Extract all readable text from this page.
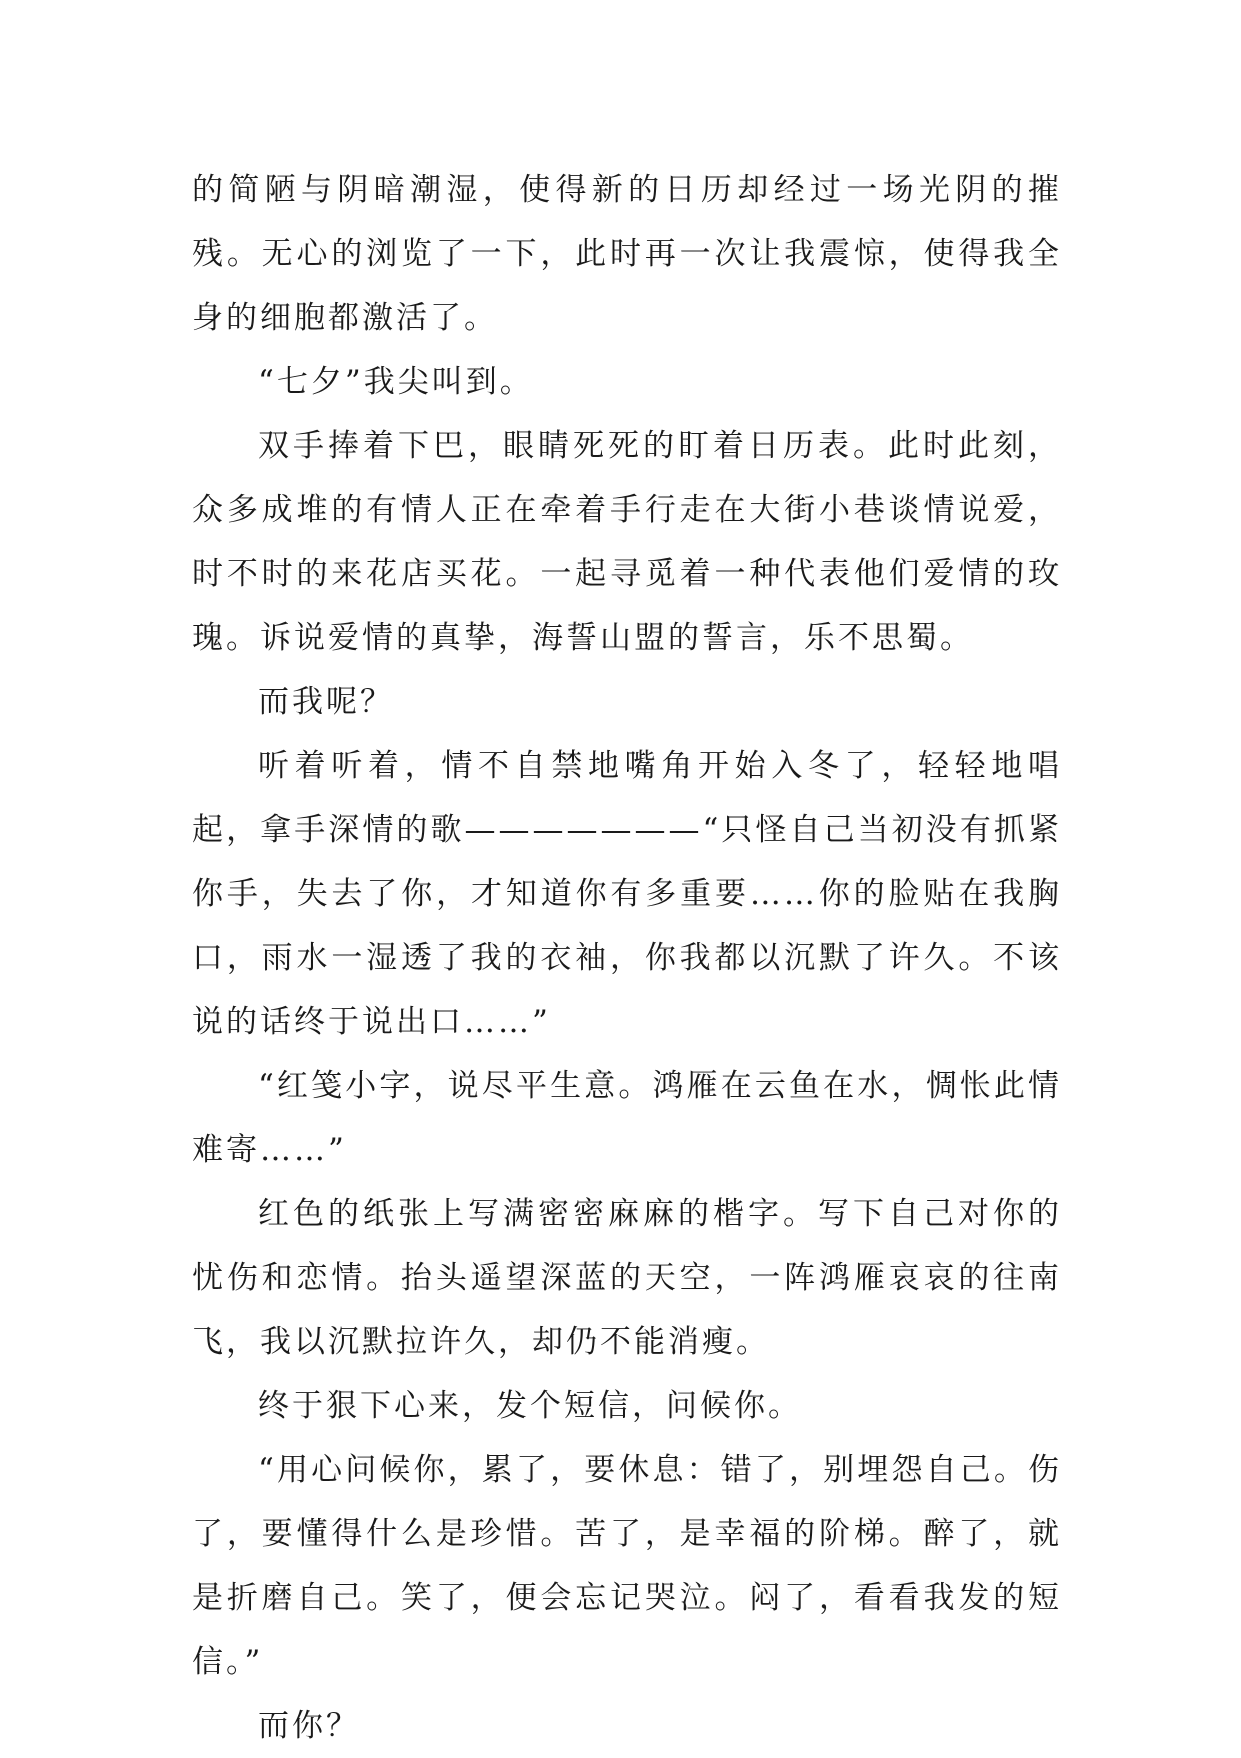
的简陋与阴暗潮湿，使得新的日历却经过一场光阴的摧残。无心的浏览了一下，此时再一次让我震惊，使得我全身的细胞都激活了。

“七夕”我尖叫到。

双手捧着下巴，眼睛死死的盯着日历表。此时此刻，众多成堆的有情人正在牵着手行走在大街小巷谈情说爱，时不时的来花店买花。一起寻觅着一种代表他们爱情的玫瑰。诉说爱情的真挚，海誓山盟的誓言，乐不思蜀。

而我呢？

听着听着，情不自禁地嘴角开始入冬了，轻轻地唱起，拿手深情的歌———————“只怪自己当初没有抓紧你手，失去了你，才知道你有多重要……你的脸贴在我胸口，雨水一湿透了我的衣袖，你我都以沉默了许久。不该说的话终于说出口……”

“红笺小字，说尽平生意。鸿雁在云鱼在水，惆怅此情难寄……”

红色的纸张上写满密密麻麻的楷字。写下自己对你的忧伤和恋情。抬头遥望深蓝的天空，一阵鸿雁哀哀的往南飞，我以沉默拉许久，却仍不能消瘦。

终于狠下心来，发个短信，问候你。

“用心问候你，累了，要休息：错了，别埋怨自己。伤了，要懂得什么是珍惜。苦了，是幸福的阶梯。醉了，就是折磨自己。笑了，便会忘记哭泣。闷了，看看我发的短信。”

而你？
